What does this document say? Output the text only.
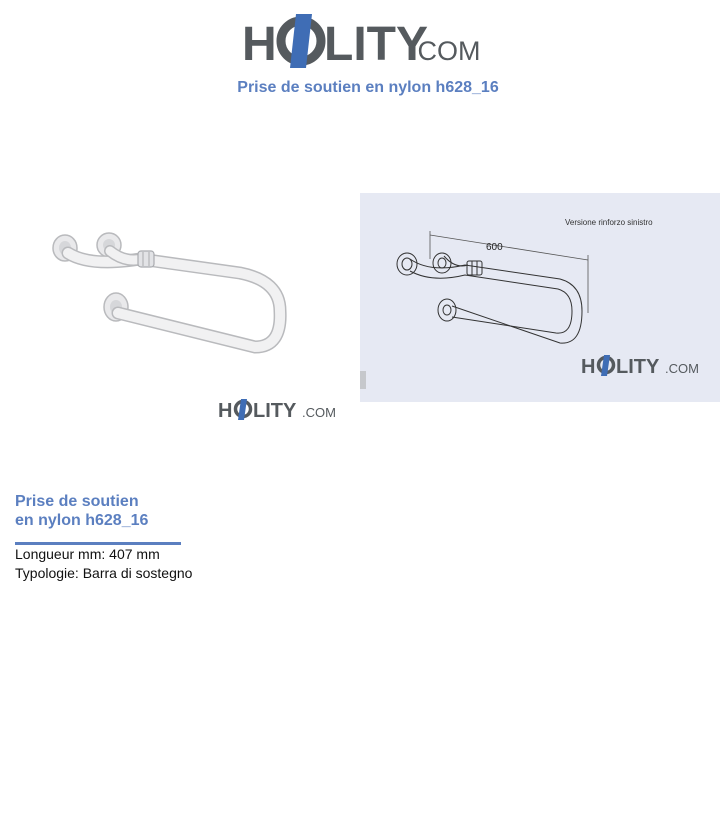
H LITY
.COM
Prise de soutien en nylon h628_16
H LITY .COM
Versione rinforzo sinistro
600
H LITY .COM
Prise de soutien
en nylon h628_16
Longueur mm: 407 mm
Typologie: Barra di sostegno
